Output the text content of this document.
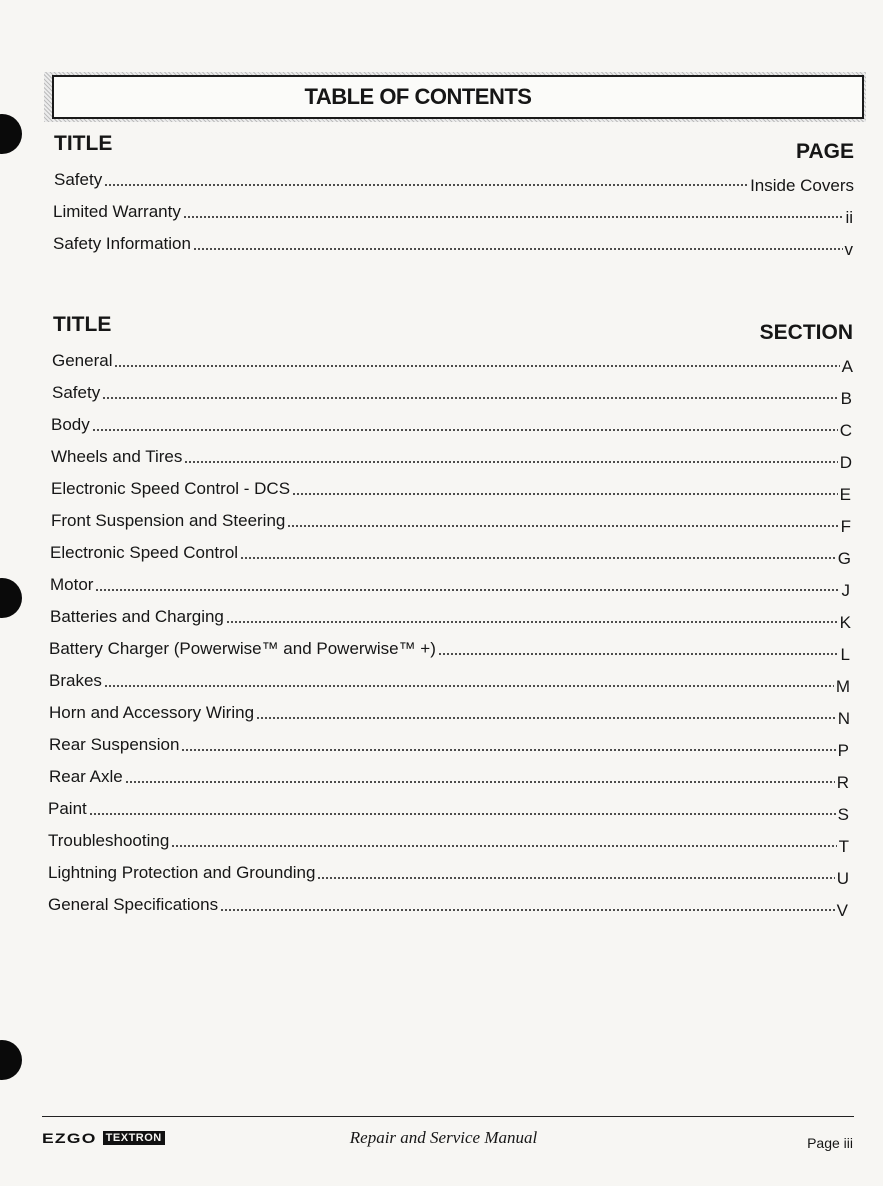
TABLE OF CONTENTS
TITLE	PAGE
Safety	Inside Covers
Limited Warranty	ii
Safety Information	v
TITLE	SECTION
General	A
Safety	B
Body	C
Wheels and Tires	D
Electronic Speed Control - DCS	E
Front Suspension and Steering	F
Electronic Speed Control	G
Motor	J
Batteries and Charging	K
Battery Charger (Powerwise™ and Powerwise™ +)	L
Brakes	M
Horn and Accessory Wiring	N
Rear Suspension	P
Rear Axle	R
Paint	S
Troubleshooting	T
Lightning Protection and Grounding	U
General Specifications	V
EZGO TEXTRON	Repair and Service Manual	Page iii
